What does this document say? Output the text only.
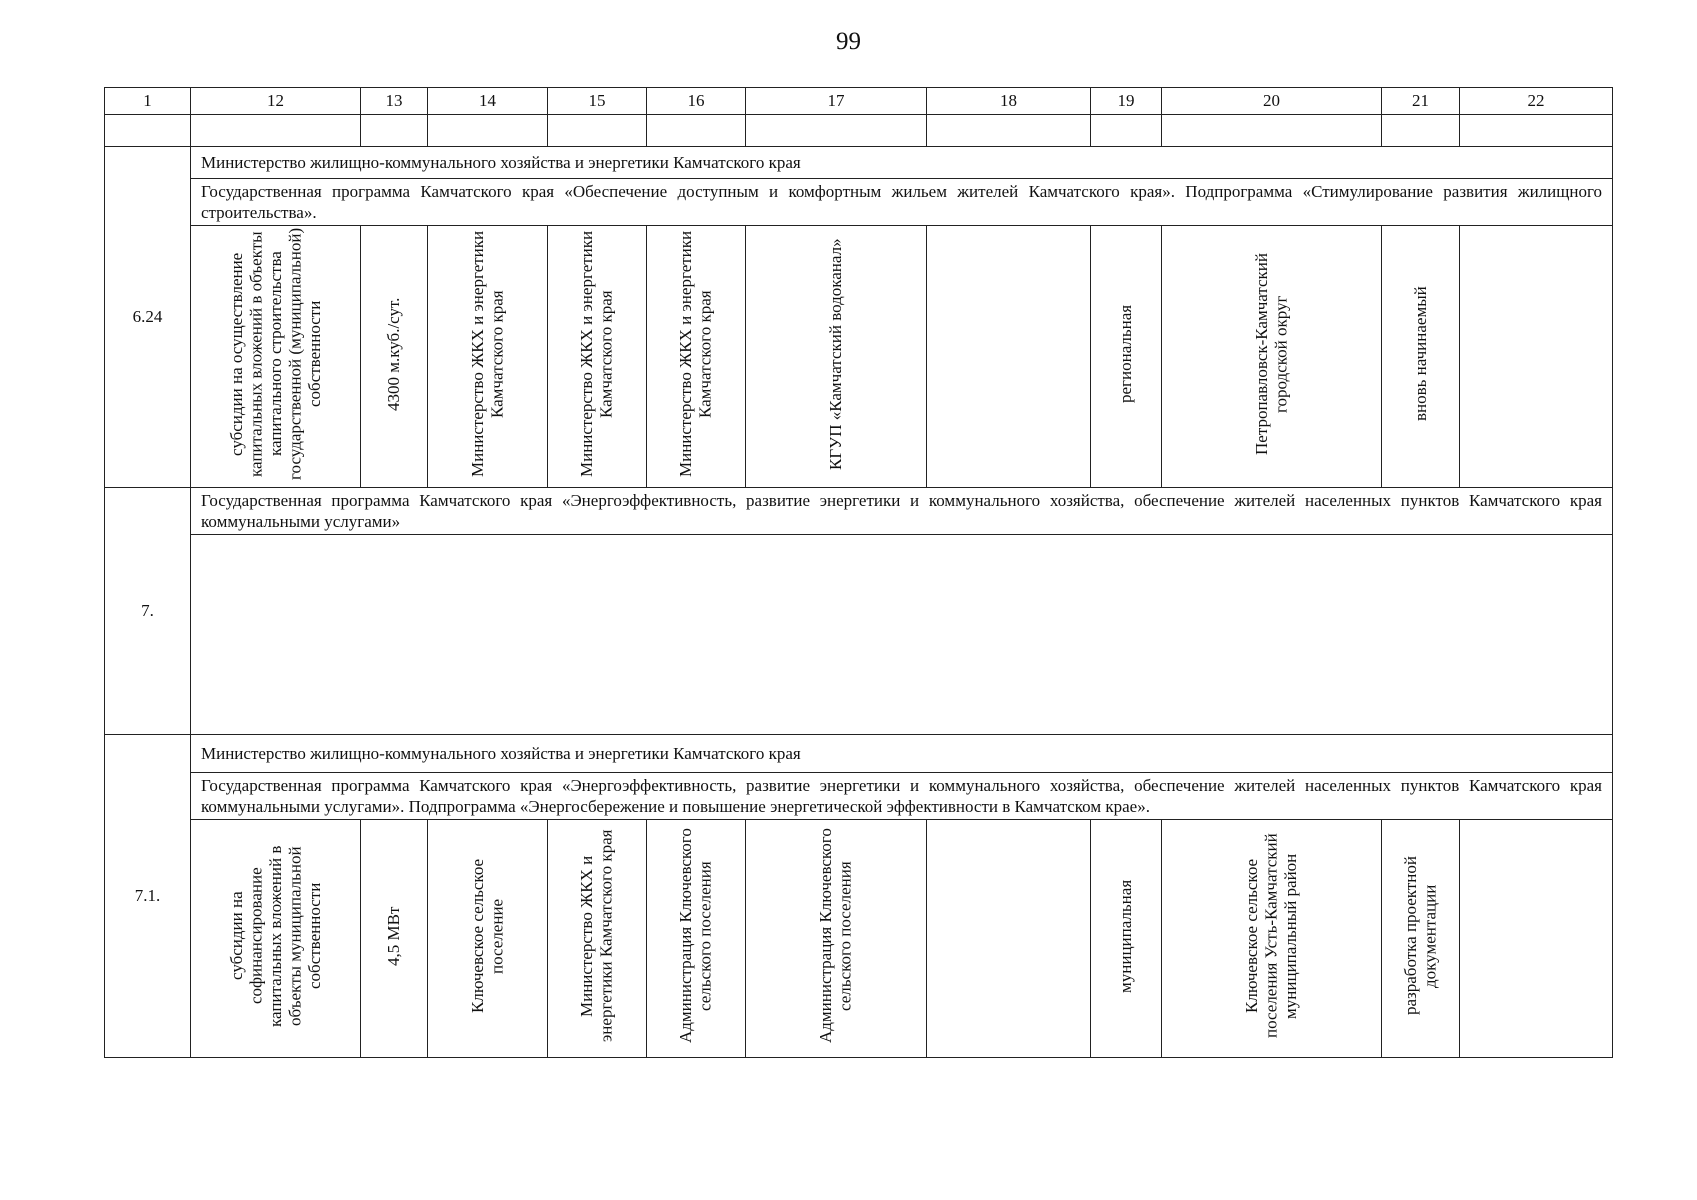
99
1	12	13	14	15	16	17	18	19	20	21	22

6.24	Министерство жилищно-коммунального хозяйства и энергетики Камчатского края										
	Государственная программа Камчатского края «Обеспечение доступным и комфортным жильем жителей Камчатского края». Подпрограмма «Стимулирование развития жилищного строительства».										
	субсидии на осуществление капитальных вложений в объекты капитального строительства государственной (муниципальной) собственности	4300 м.куб./сут.	Министерство ЖКХ и энергетики Камчатского края	Министерство ЖКХ и энергетики Камчатского края	Министерство ЖКХ и энергетики Камчатского края	КГУП «Камчатский водоканал»		региональная	Петропавловск-Камчатский городской округ	вновь начинаемый	
7.	Государственная программа Камчатского края «Энергоэффективность, развитие энергетики и коммунального хозяйства, обеспечение жителей населенных пунктов Камчатского края коммунальными услугами»										

7.1.	Министерство жилищно-коммунального хозяйства и энергетики Камчатского края										
	Государственная программа Камчатского края «Энергоэффективность, развитие энергетики и коммунального хозяйства, обеспечение жителей населенных пунктов Камчатского края коммунальными услугами». Подпрограмма «Энергосбережение и повышение энергетической эффективности в Камчатском крае».										
	субсидии на софинансирование капитальных вложений в объекты муниципальной собственности	4,5 МВт	Ключевское сельское поселение	Министерство ЖКХ и энергетики Камчатского края	Администрация Ключевского сельского поселения	Администрация Ключевского сельского поселения		муниципальная	Ключевское сельское поселения Усть-Камчатский муниципальный район	разработка проектной документации	
